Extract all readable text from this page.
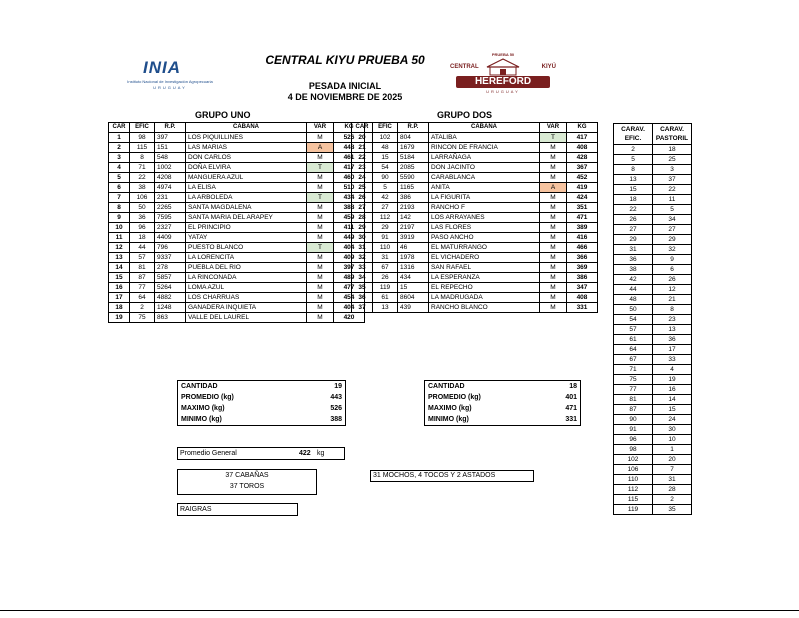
CENTRAL KIYU PRUEBA 50
PESADA INICIAL
4 DE NOVIEMBRE DE 2025
INIA
Instituto Nacional de Investigación Agropecuaria
URUGUAY
PRUEBA 50
CENTRAL	KIYÚ
HEREFORD
URUGUAY
GRUPO UNO	GRUPO DOS
CAR	EFIC	R.P.	CABAÑA	VAR	KG
1	98	397	LOS PIQUILLINES	M	526
2	115	151	LAS MARIAS	A	448
3	8	548	DON CARLOS	M	461
4	71	1002	DOÑA ELVIRA	T	417
5	22	4208	MANGUERA AZUL	M	460
6	38	4974	LA ELISA	M	510
7	106	231	LA ARBOLEDA	T	434
8	50	2265	SANTA MAGDALENA	M	388
9	36	7595	SANTA MARIA DEL ARAPEY	M	459
10	96	2327	EL PRINCIPIO	M	411
11	18	4409	YATAY	M	449
12	44	796	PUESTO BLANCO	T	404
13	57	9337	LA LORENCITA	M	409
14	81	278	PUEBLA DEL RIO	M	397
15	87	5857	LA RINCONADA	M	489
16	77	5264	LOMA AZUL	M	477
17	64	4882	LOS CHARRUAS	M	454
18	2	1248	GANADERA INQUIETA	M	404
19	75	863	VALLE DEL LAUREL	M	420
CAR	EFIC	R.P.	CABAÑA	VAR	KG
20	102	804	ATALIBA	T	417
21	48	1679	RINCON DE FRANCIA	M	408
22	15	5184	LARRAÑAGA	M	428
23	54	2085	DON JACINTO	M	367
24	90	5590	CARABLANCA	M	452
25	5	1165	ANITA	A	419
26	42	386	LA FIGURITA	M	424
27	27	2193	RANCHO F	M	351
28	112	142	LOS ARRAYANES	M	471
29	29	2197	LAS FLORES	M	389
30	91	3919	PASO ANCHO	M	416
31	110	46	EL MATURRANGO	M	466
32	31	1978	EL VICHADERO	M	366
33	67	1316	SAN RAFAEL	M	369
34	26	434	LA ESPERANZA	M	386
35	119	15	EL REPECHO	M	347
36	61	8604	LA MADRUGADA	M	408
37	13	439	RANCHO BLANCO	M	331
CANTIDAD	19
PROMEDIO (kg)	443
MAXIMO (kg)	526
MINIMO (kg)	388
CANTIDAD	18
PROMEDIO (kg)	401
MAXIMO (kg)	471
MINIMO (kg)	331
Promedio General	422 kg
37 CABAÑAS
37 TOROS
31 MOCHOS, 4 TOCOS Y 2 ASTADOS
RAIGRAS
CARAV.
EFIC.	CARAV.
PASTORIL
2	18
5	25
8	3
13	37
15	22
18	11
22	5
26	34
27	27
29	29
31	32
36	9
38	6
42	26
44	12
48	21
50	8
54	23
57	13
61	36
64	17
67	33
71	4
75	19
77	16
81	14
87	15
90	24
91	30
96	10
98	1
102	20
106	7
110	31
112	28
115	2
119	35
